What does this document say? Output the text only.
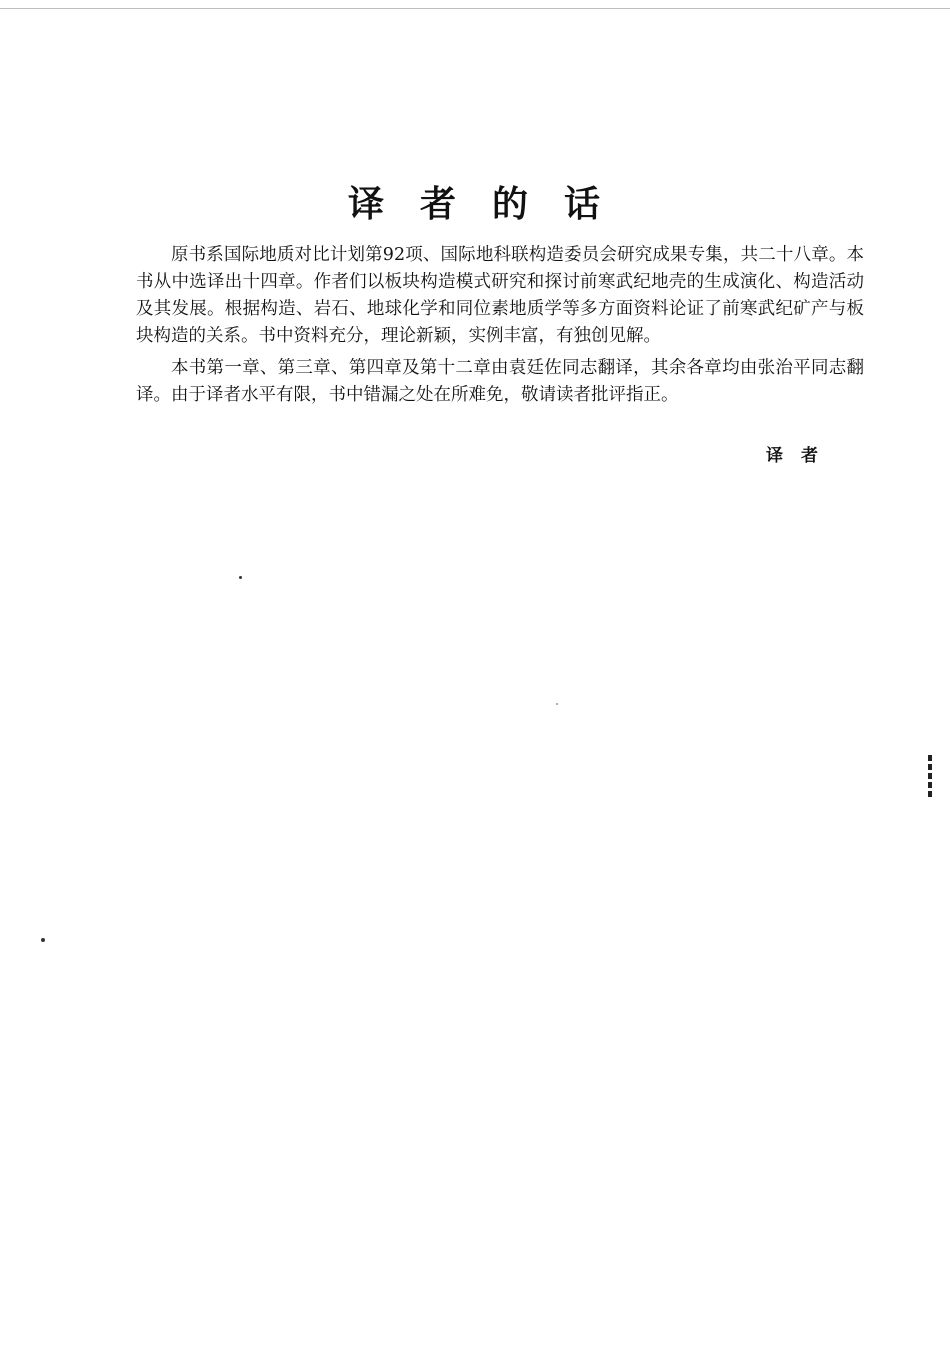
译者的话

原书系国际地质对比计划第92项、国际地科联构造委员会研究成果专集，共二十八章。本书从中选译出十四章。作者们以板块构造模式研究和探讨前寒武纪地壳的生成演化、构造活动及其发展。根据构造、岩石、地球化学和同位素地质学等多方面资料论证了前寒武纪矿产与板块构造的关系。书中资料充分，理论新颖，实例丰富，有独创见解。

本书第一章、第三章、第四章及第十二章由袁廷佐同志翻译，其余各章均由张治平同志翻译。由于译者水平有限，书中错漏之处在所难免，敬请读者批评指正。

译者
